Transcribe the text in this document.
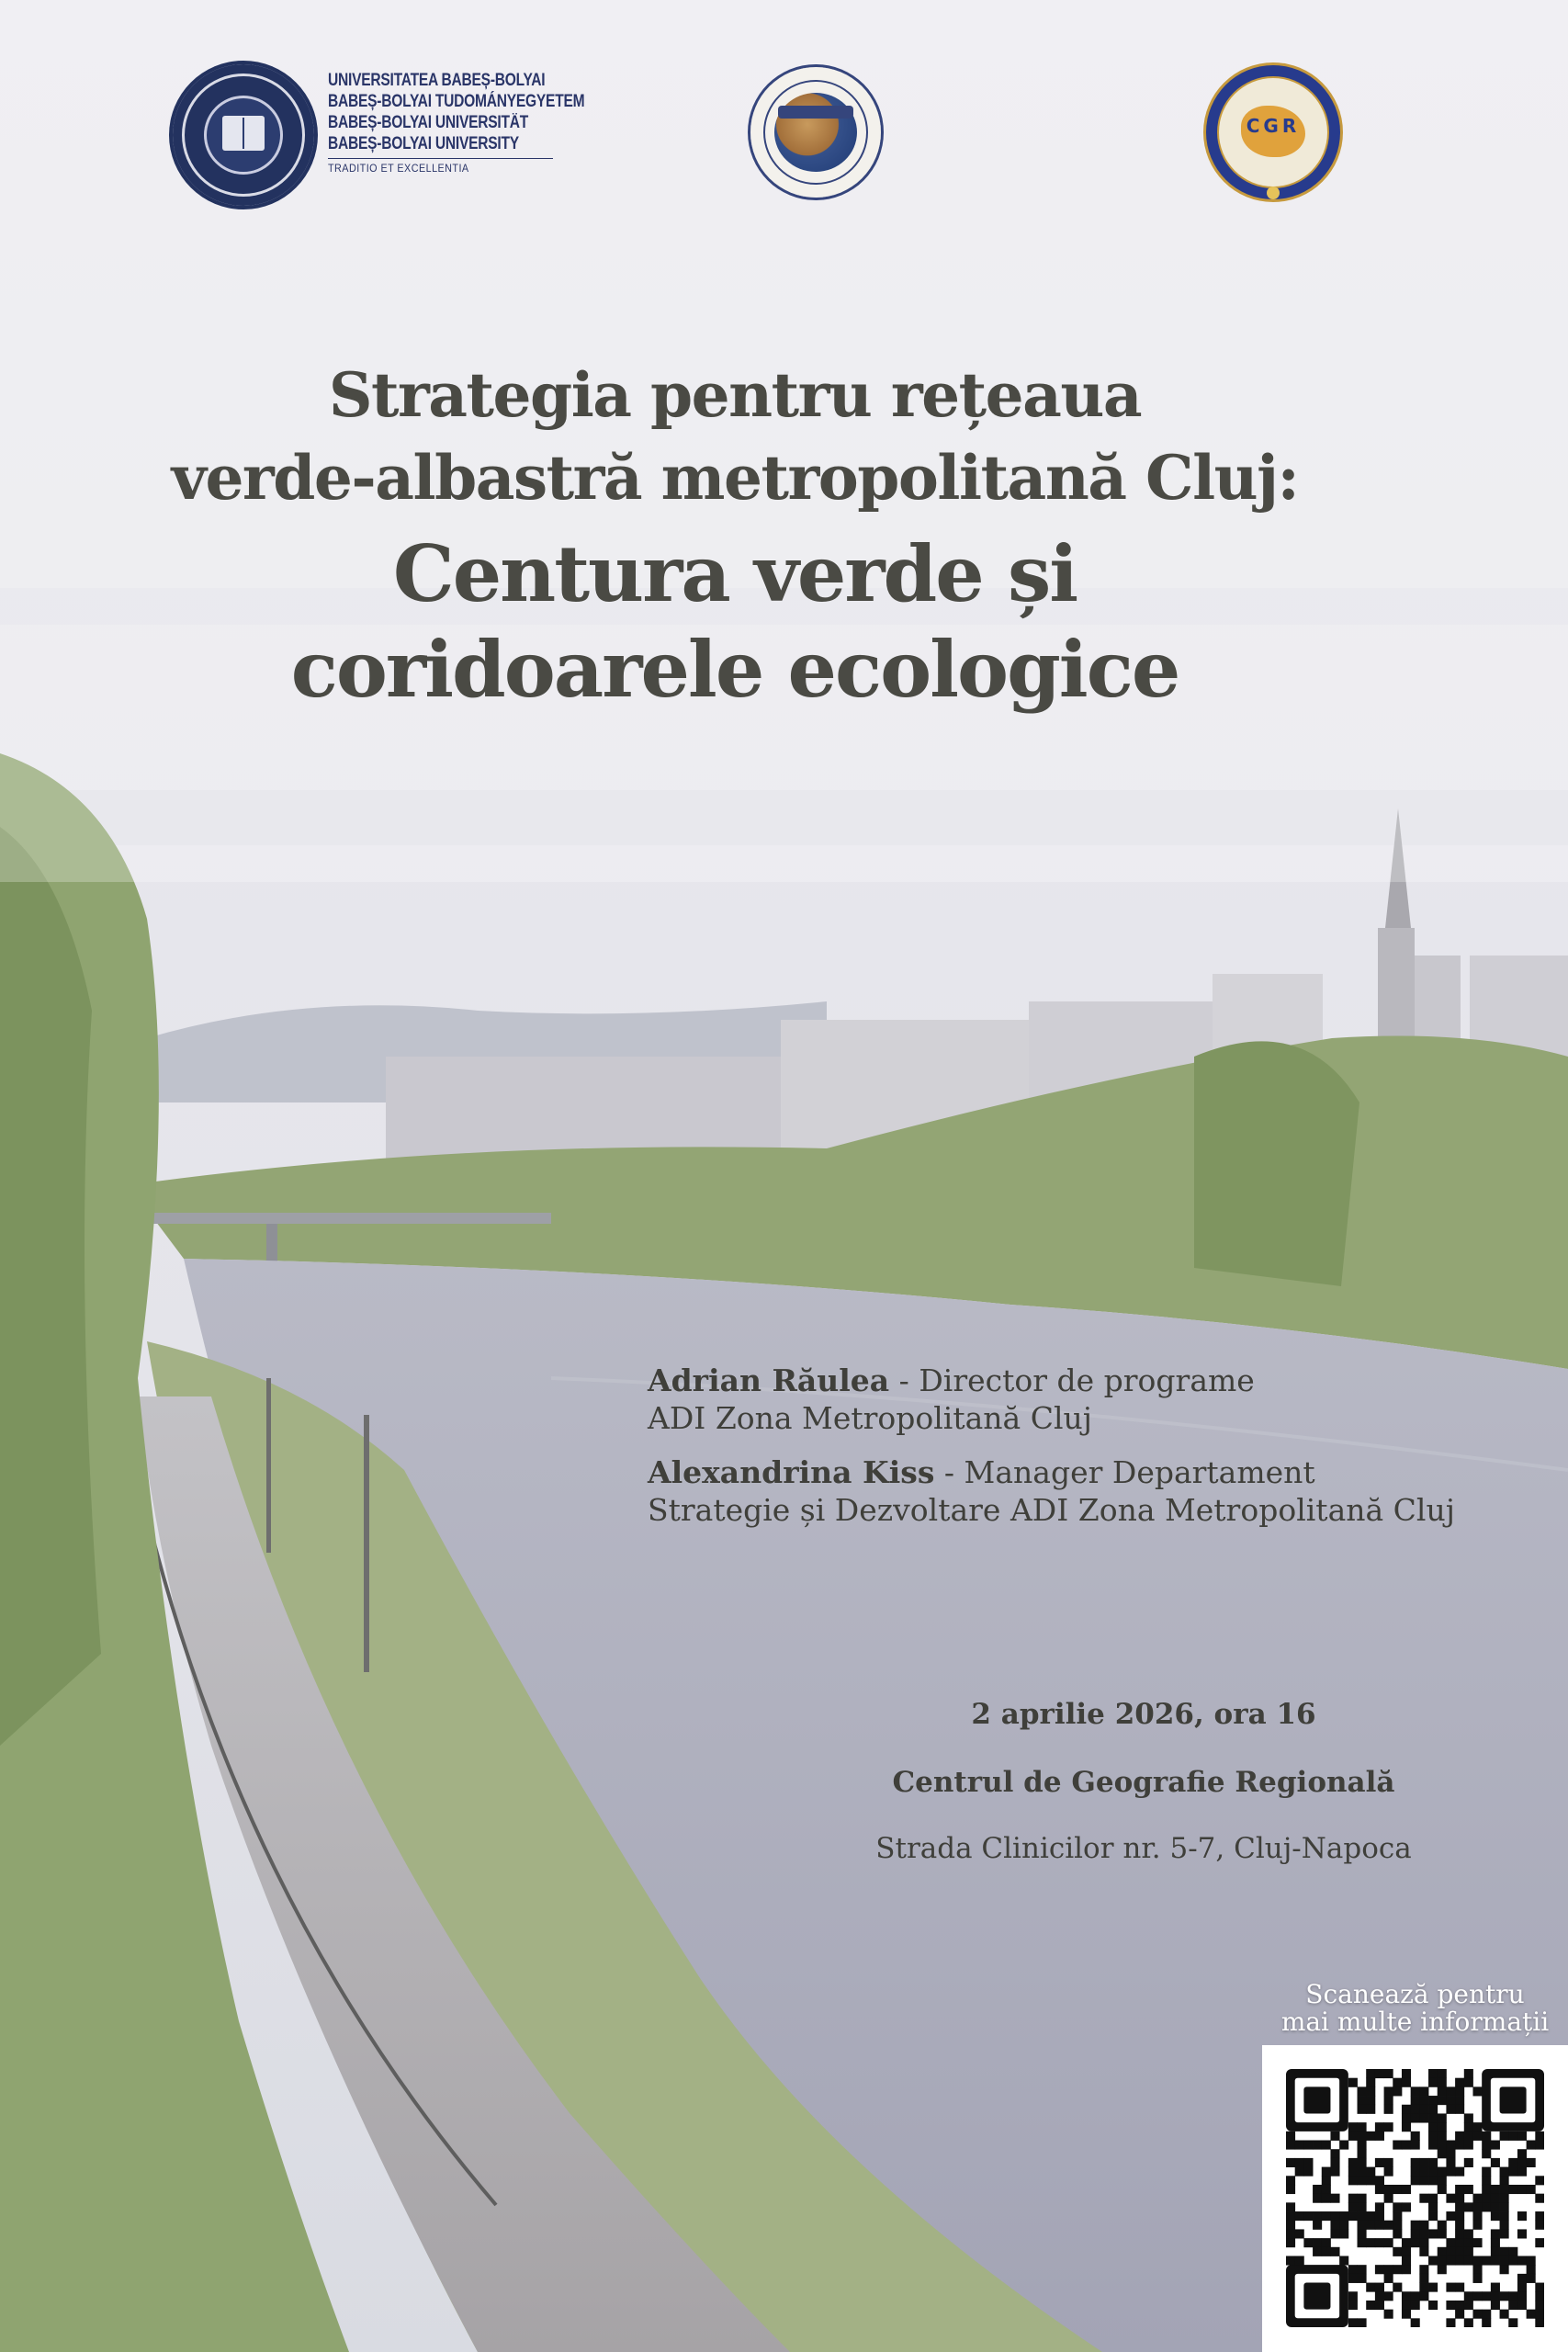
UNIVERSITATEA BABEȘ-BOLYAI
BABEȘ-BOLYAI TUDOMÁNYEGYETEM
BABEȘ-BOLYAI UNIVERSITÄT
BABEȘ-BOLYAI UNIVERSITY
TRADITIO ET EXCELLENTIA
CGR
Strategia pentru rețeaua
verde-albastră metropolitană Cluj:
Centura verde și
coridoarele ecologice
Adrian Răulea - Director de programe
ADI Zona Metropolitană Cluj
Alexandrina Kiss - Manager Departament
Strategie și Dezvoltare ADI Zona Metropolitană Cluj
2 aprilie 2026, ora 16
Centrul de Geografie Regională
Strada Clinicilor nr. 5-7, Cluj-Napoca
Scanează pentru
mai multe informații
